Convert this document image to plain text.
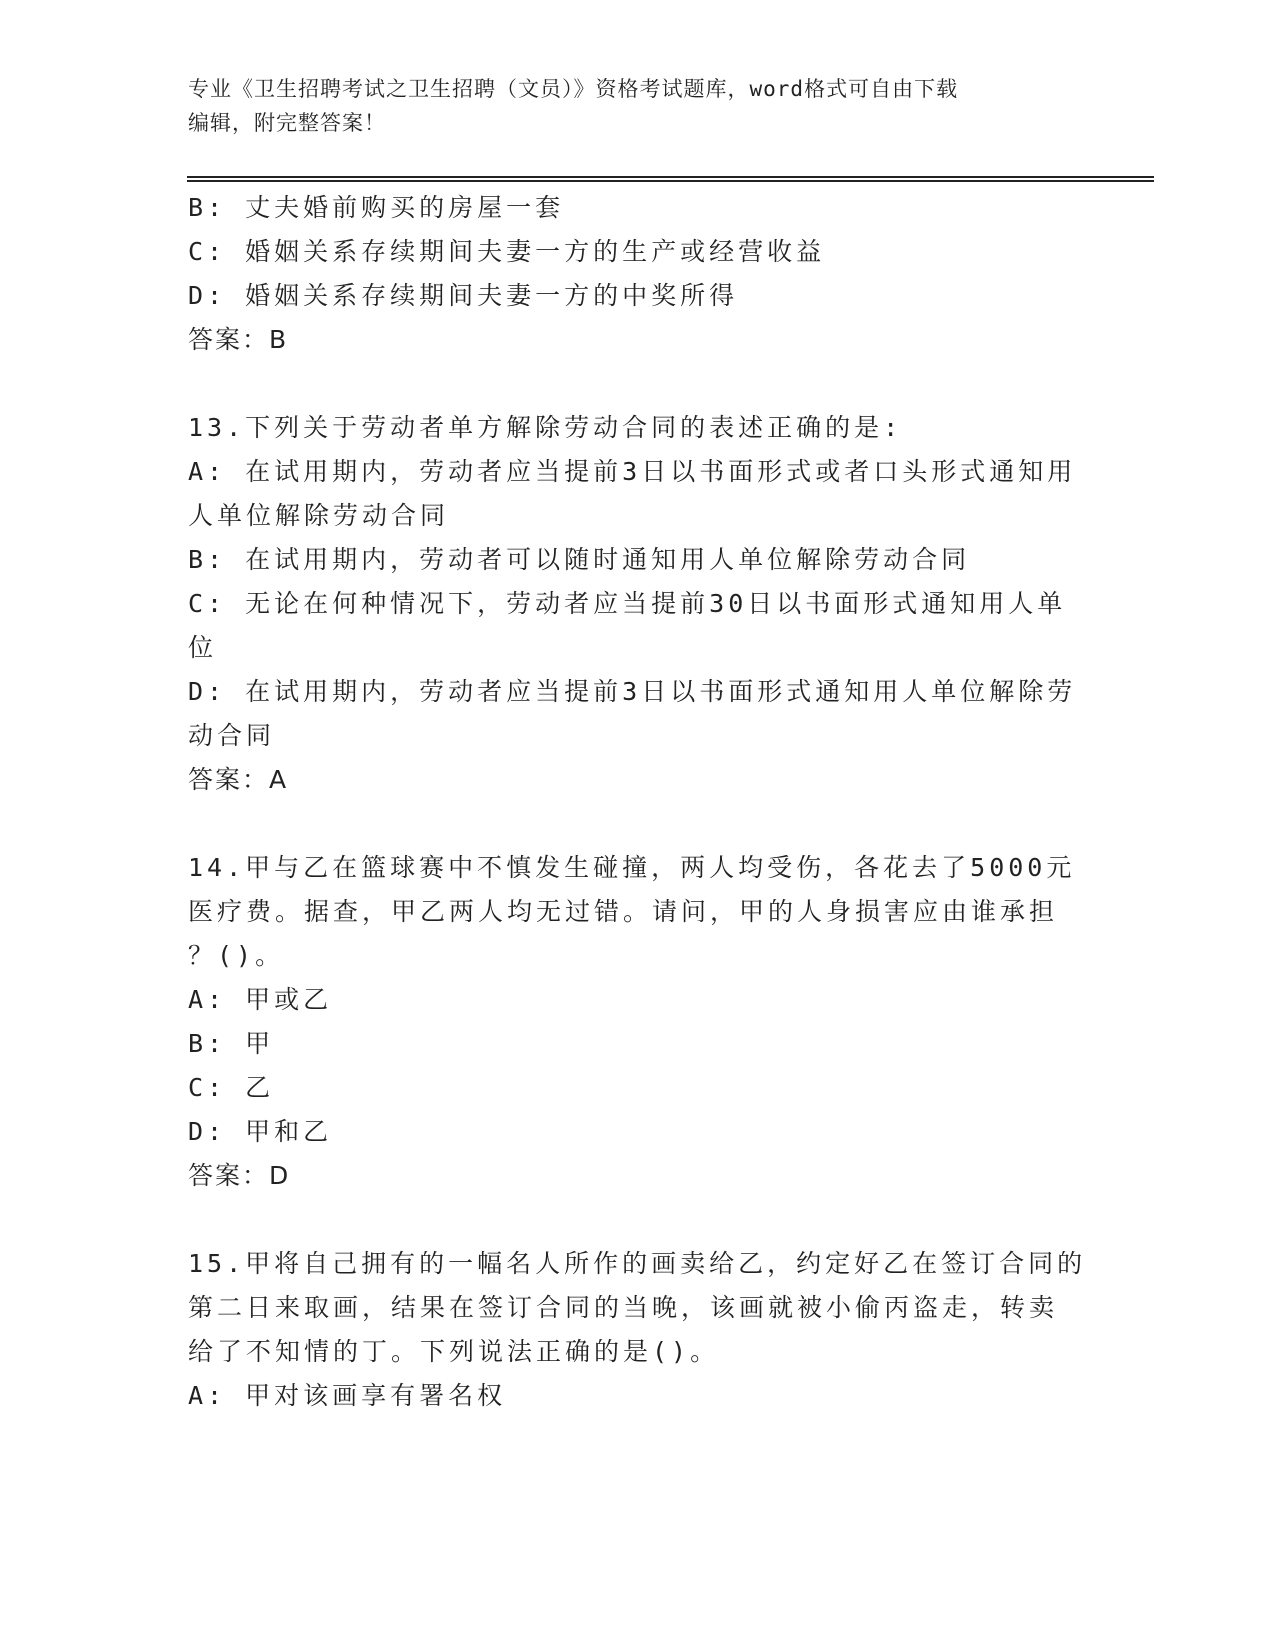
专业《卫生招聘考试之卫生招聘（文员）》资格考试题库，word格式可自由下载
编辑，附完整答案！
B: 丈夫婚前购买的房屋一套
C: 婚姻关系存续期间夫妻一方的生产或经营收益
D: 婚姻关系存续期间夫妻一方的中奖所得
答案：B
13.下列关于劳动者单方解除劳动合同的表述正确的是:
A: 在试用期内，劳动者应当提前3日以书面形式或者口头形式通知用
人单位解除劳动合同
B: 在试用期内，劳动者可以随时通知用人单位解除劳动合同
C: 无论在何种情况下，劳动者应当提前30日以书面形式通知用人单
位
D: 在试用期内，劳动者应当提前3日以书面形式通知用人单位解除劳
动合同
答案：A
14.甲与乙在篮球赛中不慎发生碰撞，两人均受伤，各花去了5000元
医疗费。据查，甲乙两人均无过错。请问，甲的人身损害应由谁承担
？()。
A: 甲或乙
B: 甲
C: 乙
D: 甲和乙
答案：D
15.甲将自己拥有的一幅名人所作的画卖给乙，约定好乙在签订合同的
第二日来取画，结果在签订合同的当晚，该画就被小偷丙盗走，转卖
给了不知情的丁。下列说法正确的是()。
A: 甲对该画享有署名权
